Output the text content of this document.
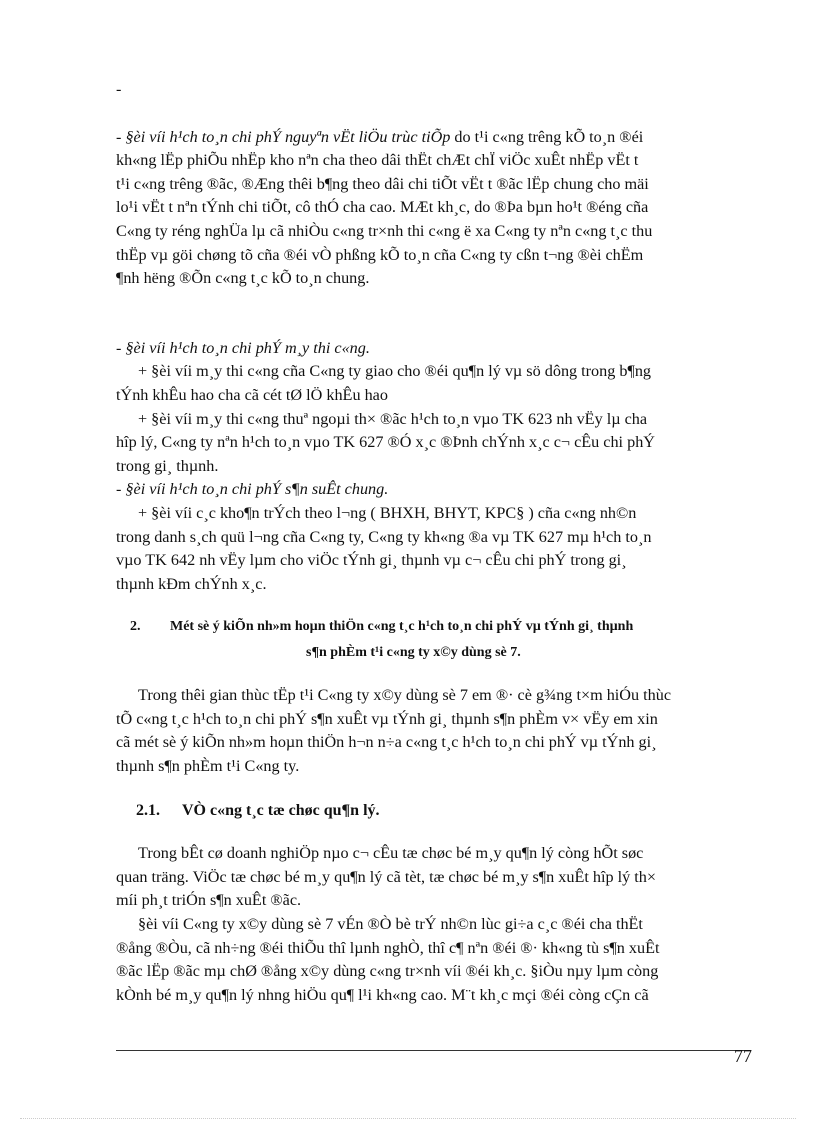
-

- §èi víi h¹ch to¸n chi phÝ nguyªn vËt liÖu trùc tiÕp do t¹i c«ng trêng kÕ to¸n ®éi

kh«ng lËp phiÕu nhËp kho nªn cha theo dâi thËt chÆt chÏ viÖc xuÊt nhËp vËt t

t¹i c«ng trêng ®ãc, ®Æng thêi b¶ng theo dâi chi tiÕt vËt t ®ãc lËp chung cho mäi

lo¹i vËt t nªn tÝnh chi tiÕt, cô thÓ cha cao. MÆt kh¸c, do ®Þa bµn ho¹t ®éng cña

C«ng ty réng nghÜa lµ cã nhiÒu c«ng tr×nh thi c«ng ë xa C«ng ty nªn c«ng t¸c thu

thËp vµ göi chøng tõ cña ®éi vÒ phßng kÕ to¸n cña C«ng ty cßn t¬ng ®èi chËm

¶nh hëng ®Õn c«ng t¸c kÕ to¸n chung.

- §èi víi h¹ch to¸n chi phÝ m¸y thi c«ng.

+ §èi víi m¸y thi c«ng cña C«ng ty giao cho ®éi qu¶n lý vµ sö dông trong b¶ng

tÝnh khÊu hao cha cã cét tØ lÖ khÊu hao

+ §èi víi m¸y thi c«ng thuª ngoµi th× ®ãc h¹ch to¸n vµo TK 623 nh vËy lµ cha

hîp lý, C«ng ty nªn h¹ch to¸n vµo TK 627 ®Ó x¸c ®Þnh chÝnh x¸c c¬ cÊu chi phÝ

trong gi¸ thµnh.

- §èi víi h¹ch to¸n chi phÝ s¶n suÊt chung.

+ §èi víi c¸c kho¶n trÝch theo l¬ng ( BHXH, BHYT, KPC§ ) cña c«ng nh©n

trong danh s¸ch quü l¬ng cña C«ng ty, C«ng ty kh«ng ®a vµ TK 627 mµ h¹ch to¸n

vµo TK 642 nh vËy lµm cho viÖc tÝnh gi¸ thµnh vµ c¬ cÊu chi phÝ trong gi¸

thµnh kÐm chÝnh x¸c.

2. Mét sè ý kiÕn nh»m hoµn thiÖn c«ng t¸c h¹ch to¸n chi phÝ vµ tÝnh gi¸ thµnh

s¶n phÈm t¹i c«ng ty x©y dùng sè 7.

Trong thêi gian thùc tËp t¹i C«ng ty x©y dùng sè 7 em ®· cè g¾ng t×m hiÓu thùc

tÕ c«ng t¸c h¹ch to¸n chi phÝ s¶n xuÊt vµ tÝnh gi¸ thµnh s¶n phÈm v× vËy em xin

cã mét sè ý kiÕn nh»m hoµn thiÖn h¬n n÷a c«ng t¸c h¹ch to¸n chi phÝ vµ tÝnh gi¸

thµnh s¶n phÈm t¹i C«ng ty.

2.1. VÒ c«ng t¸c tæ chøc qu¶n lý.

Trong bÊt cø doanh nghiÖp nµo c¬ cÊu tæ chøc bé m¸y qu¶n lý còng hÕt søc

quan träng. ViÖc tæ chøc bé m¸y qu¶n lý cã tèt, tæ chøc bé m¸y s¶n xuÊt hîp lý th×

míi ph¸t triÓn s¶n xuÊt ®ãc.

§èi víi C«ng ty x©y dùng sè 7 vÉn ®Ò bè trÝ nh©n lùc gi÷a c¸c ®éi cha thËt

®ång ®Òu, cã nh÷ng ®éi thiÕu thî lµnh nghÒ, thî c¶ nªn ®éi ®· kh«ng tù s¶n xuÊt

®ãc lËp ®ãc mµ chØ ®ång x©y dùng c«ng tr×nh víi ®éi kh¸c. §iÒu nµy lµm còng

kÒnh bé m¸y qu¶n lý nhng hiÖu qu¶ l¹i kh«ng cao. M¨t kh¸c mçi ®éi còng cÇn cã

77
